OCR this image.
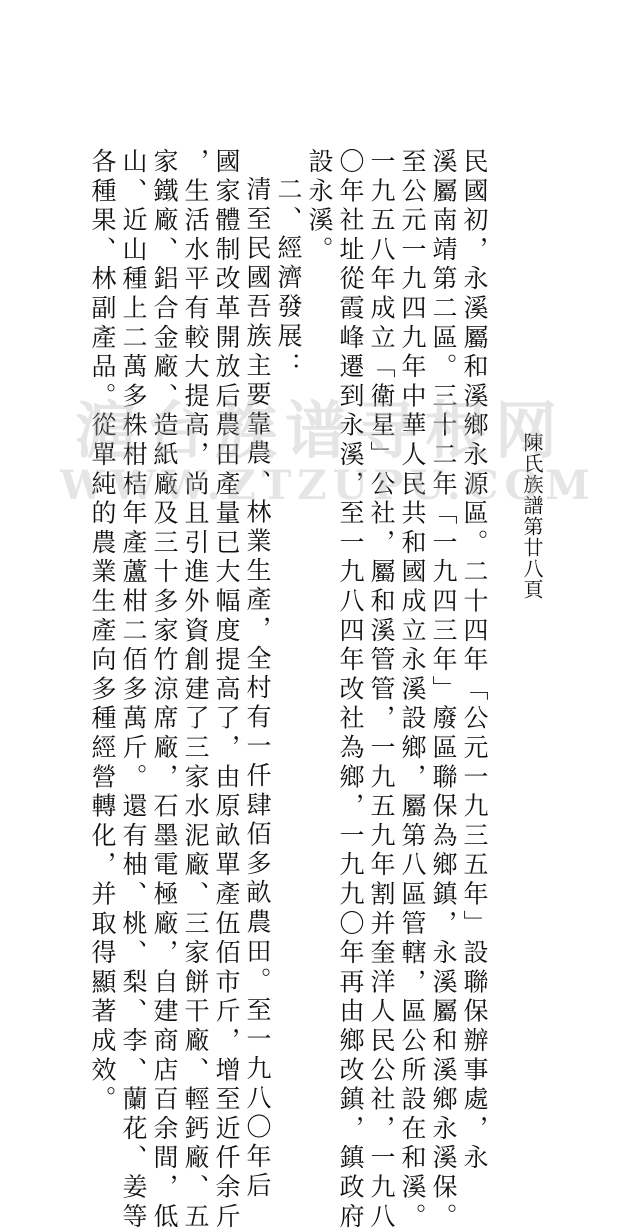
陳氏族譜第廿八頁
民國初，永溪屬和溪鄉永源區。二十四年「公元一九三五年」設聯保辦事處，永
溪屬南靖第二區。三十二年「一九四三年」廢區聯保為鄉鎮，永溪屬和溪鄉永溪保。
至公元一九四九年中華人民共和國成立永溪設鄉，屬第八區管轄，區公所設在和溪。
一九五八年成立「衛星」公社，屬和溪管管，一九五九年割并奎洋人民公社，一九八
〇年社址從霞峰遷到永溪，至一九八四年改社為鄉，一九九〇年再由鄉改鎮，鎮政府
設永溪。
二、經濟發展：
清至民國吾族主要靠農、林業生產，全村有一仟肆佰多畝農田。至一九八〇年后
國家體制改革開放后農田產量已大幅度提高了，由原畝單產伍佰市斤，增至近仟余斤
，生活水平有較大提高，尚且引進外資創建了三家水泥廠、三家餅干廠、輕鈣廠、五
家鐵廠、鋁合金廠、造紙廠及三十多家竹涼席廠，石墨電極廠，自建商店百余間，低
山、近山種上二萬多株柑桔年產蘆柑二佰多萬斤。還有柚、桃、梨、李、蘭花、姜等
各種果、林副產品。從單純的農業生產向多種經營轉化，并取得顯著成效。
滬台族谱寻根网
WWW.ZTZUPU.COM
